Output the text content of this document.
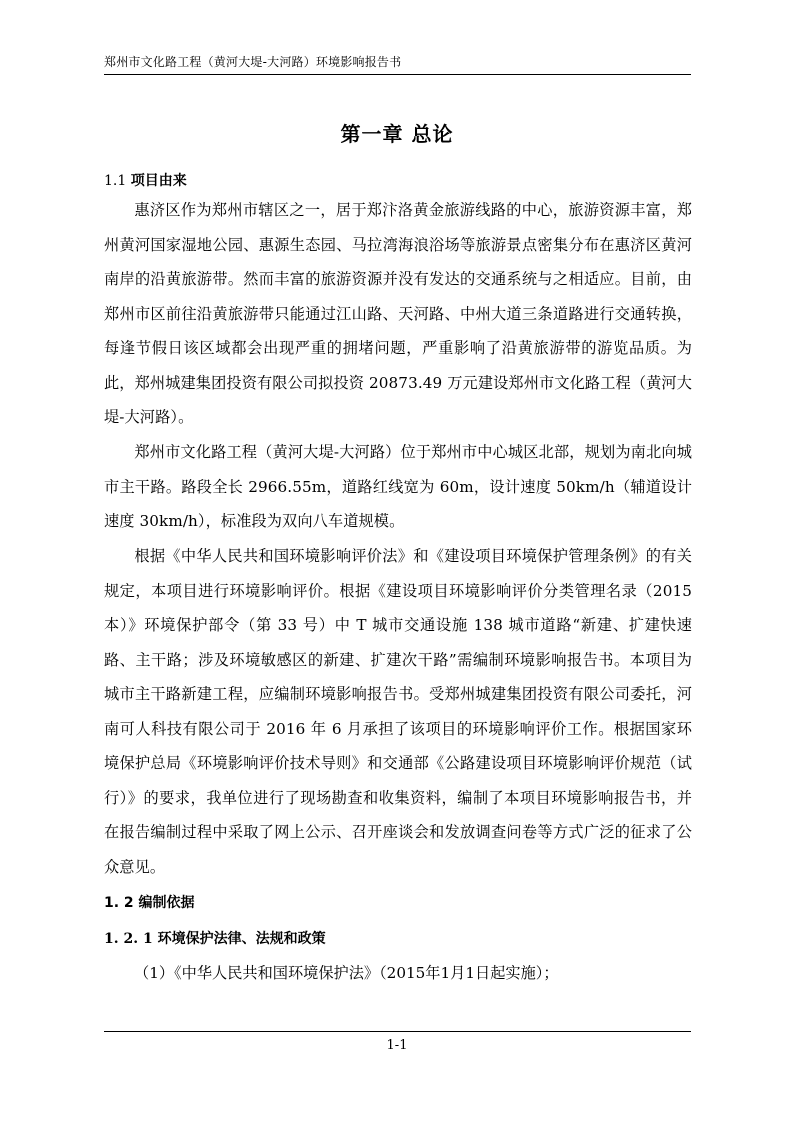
郑州市文化路工程（黄河大堤-大河路）环境影响报告书
第一章 总论
1.1 项目由来

惠济区作为郑州市辖区之一，居于郑汴洛黄金旅游线路的中心，旅游资源丰富，郑州黄河国家湿地公园、惠源生态园、马拉湾海浪浴场等旅游景点密集分布在惠济区黄河南岸的沿黄旅游带。然而丰富的旅游资源并没有发达的交通系统与之相适应。目前，由郑州市区前往沿黄旅游带只能通过江山路、天河路、中州大道三条道路进行交通转换，每逢节假日该区域都会出现严重的拥堵问题，严重影响了沿黄旅游带的游览品质。为此，郑州城建集团投资有限公司拟投资 20873.49 万元建设郑州市文化路工程（黄河大堤-大河路）。

郑州市文化路工程（黄河大堤-大河路）位于郑州市中心城区北部，规划为南北向城市主干路。路段全长 2966.55m，道路红线宽为 60m，设计速度 50km/h（辅道设计速度 30km/h），标准段为双向八车道规模。

根据《中华人民共和国环境影响评价法》和《建设项目环境保护管理条例》的有关规定，本项目进行环境影响评价。根据《建设项目环境影响评价分类管理名录（2015 本）》环境保护部令（第 33 号）中 T 城市交通设施 138 城市道路“新建、扩建快速路、主干路；涉及环境敏感区的新建、扩建次干路”需编制环境影响报告书。本项目为城市主干路新建工程，应编制环境影响报告书。受郑州城建集团投资有限公司委托，河南可人科技有限公司于 2016 年 6 月承担了该项目的环境影响评价工作。根据国家环境保护总局《环境影响评价技术导则》和交通部《公路建设项目环境影响评价规范（试行）》的要求，我单位进行了现场勘查和收集资料，编制了本项目环境影响报告书，并在报告编制过程中采取了网上公示、召开座谈会和发放调查问卷等方式广泛的征求了公众意见。

1. 2 编制依据
1. 2. 1 环境保护法律、法规和政策
（1）《中华人民共和国环境保护法》（2015年1月1日起实施）；
1-1
